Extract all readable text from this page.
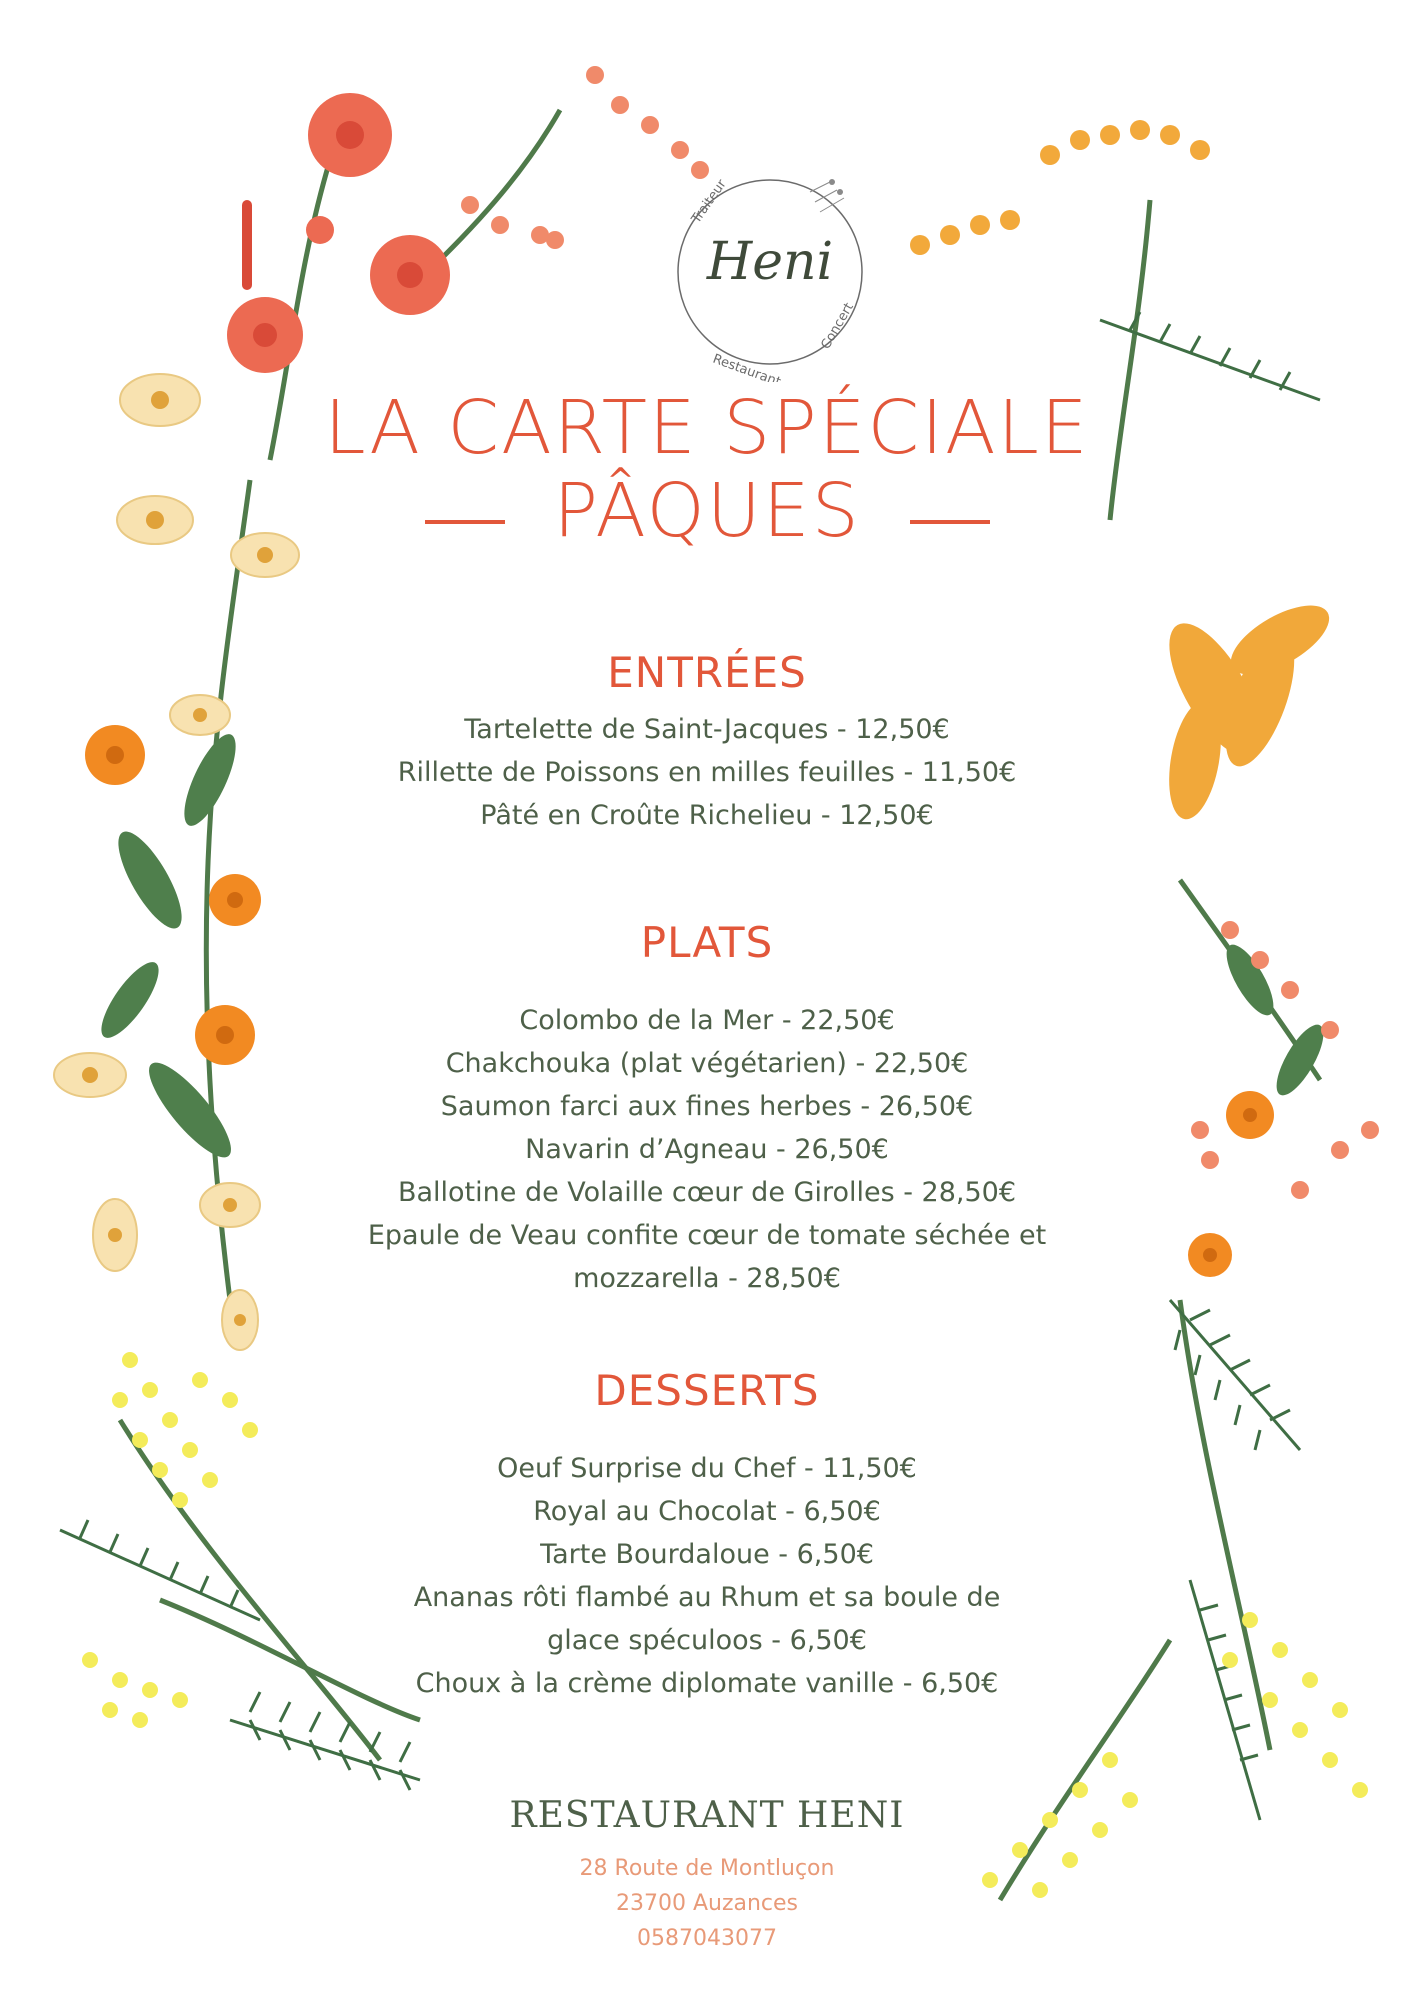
Traiteur
Restaurant
Concert
Heni
LA CARTE SPÉCIALE
PÂQUES
ENTRÉES
Tartelette de Saint-Jacques - 12,50€
Rillette de Poissons en milles feuilles - 11,50€
Pâté en Croûte Richelieu - 12,50€
PLATS
Colombo de la Mer - 22,50€
Chakchouka (plat végétarien) - 22,50€
Saumon farci aux fines herbes - 26,50€
Navarin d’Agneau - 26,50€
Ballotine de Volaille cœur de Girolles - 28,50€
Epaule de Veau confite cœur de tomate séchée et
mozzarella - 28,50€
DESSERTS
Oeuf Surprise du Chef - 11,50€
Royal au Chocolat - 6,50€
Tarte Bourdaloue - 6,50€
Ananas rôti flambé au Rhum et sa boule de
glace spéculoos - 6,50€
Choux à la crème diplomate vanille - 6,50€
RESTAURANT HENI
28 Route de Montluçon
23700 Auzances
0587043077
